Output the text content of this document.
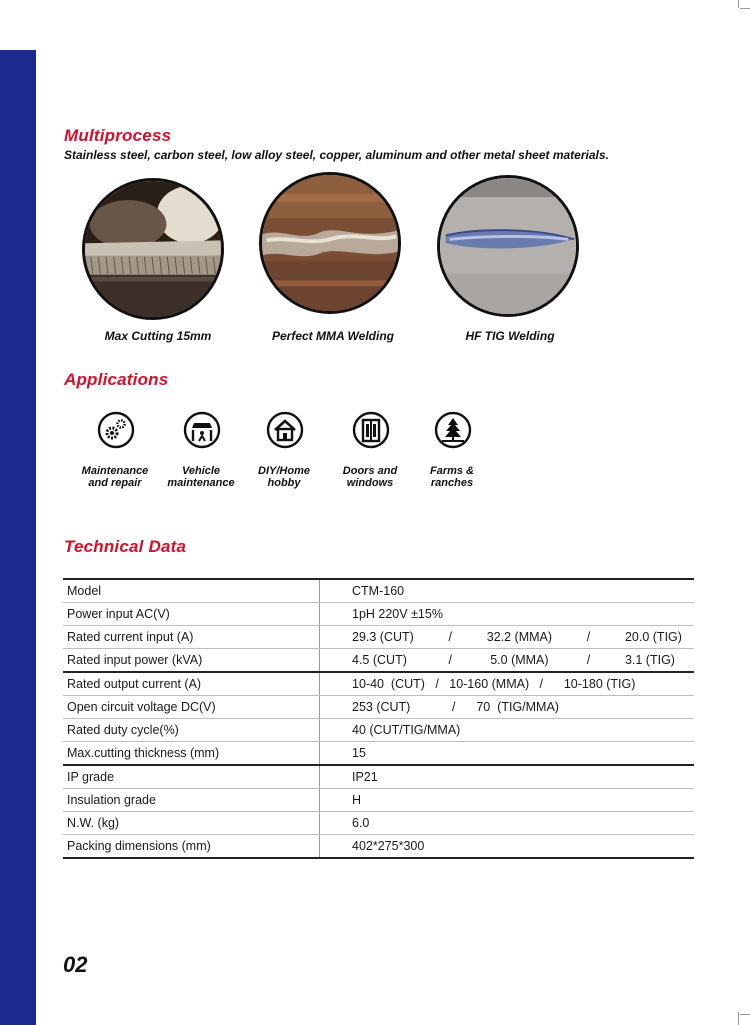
Multiprocess

Stainless steel, carbon steel, low alloy steel, copper, aluminum and other metal sheet materials.

Max Cutting 15mm	Perfect MMA Welding	HF TIG Welding
Applications
Maintenance
and repair
Vehicle
maintenance
DIY/Home
hobby
Doors and
windows
Farms &
ranches
Technical Data
Model	CTM-160
Power input AC(V)	1pH 220V ±15%
Rated current input (A)	29.3 (CUT)          /          32.2 (MMA)          /          20.0 (TIG)
Rated input power (kVA)	4.5 (CUT)            /           5.0 (MMA)           /          3.1 (TIG)
Rated output current (A)	10-40  (CUT)   /   10-160 (MMA)   /      10-180 (TIG)
Open circuit voltage DC(V)	253 (CUT)            /      70  (TIG/MMA)
Rated duty cycle(%)	40 (CUT/TIG/MMA)
Max.cutting thickness (mm)	15
IP grade	IP21
Insulation grade	H
N.W. (kg)	6.0
Packing dimensions (mm)	402*275*300

02
